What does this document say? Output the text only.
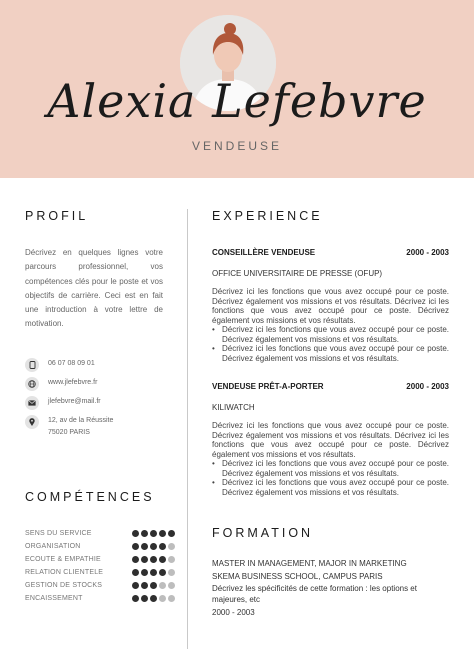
Alexia Lefebvre
VENDEUSE
PROFIL
Décrivez en quelques lignes votre parcours professionnel, vos compétences clés pour le poste et vos objectifs de carrière. Ceci est en fait une introduction à votre lettre de motivation.
06 07 08 09 01
www.jlefebvre.fr
jlefebvre@mail.fr
12, av de la Réussite
75020 PARIS
COMPÉTENCES
SENS DU SERVICE
ORGANISATION
ECOUTE & EMPATHIE
RELATION CLIENTELE
GESTION DE STOCKS
ENCAISSEMENT
EXPERIENCE
CONSEILLÈRE VENDEUSE	2000 - 2003
OFFICE UNIVERSITAIRE DE PRESSE (OFUP)
Décrivez ici les fonctions que vous avez occupé pour ce poste. Décrivez également vos missions et vos résultats. Décrivez ici les fonctions que vous avez occupé pour ce poste. Décrivez également vos missions et vos résultats.
• Décrivez ici les fonctions que vous avez occupé pour ce poste. Décrivez également vos missions et vos résultats.
• Décrivez ici les fonctions que vous avez occupé pour ce poste. Décrivez également vos missions et vos résultats.
VENDEUSE PRÊT-A-PORTER	2000 - 2003
KILIWATCH
Décrivez ici les fonctions que vous avez occupé pour ce poste. Décrivez également vos missions et vos résultats. Décrivez ici les fonctions que vous avez occupé pour ce poste. Décrivez également vos missions et vos résultats.
• Décrivez ici les fonctions que vous avez occupé pour ce poste. Décrivez également vos missions et vos résultats.
• Décrivez ici les fonctions que vous avez occupé pour ce poste. Décrivez également vos missions et vos résultats.
FORMATION
MASTER IN MANAGEMENT, MAJOR IN MARKETING
SKEMA BUSINESS SCHOOL, CAMPUS PARIS
Décrivez les spécificités de cette formation : les options et majeures, etc
2000 - 2003
